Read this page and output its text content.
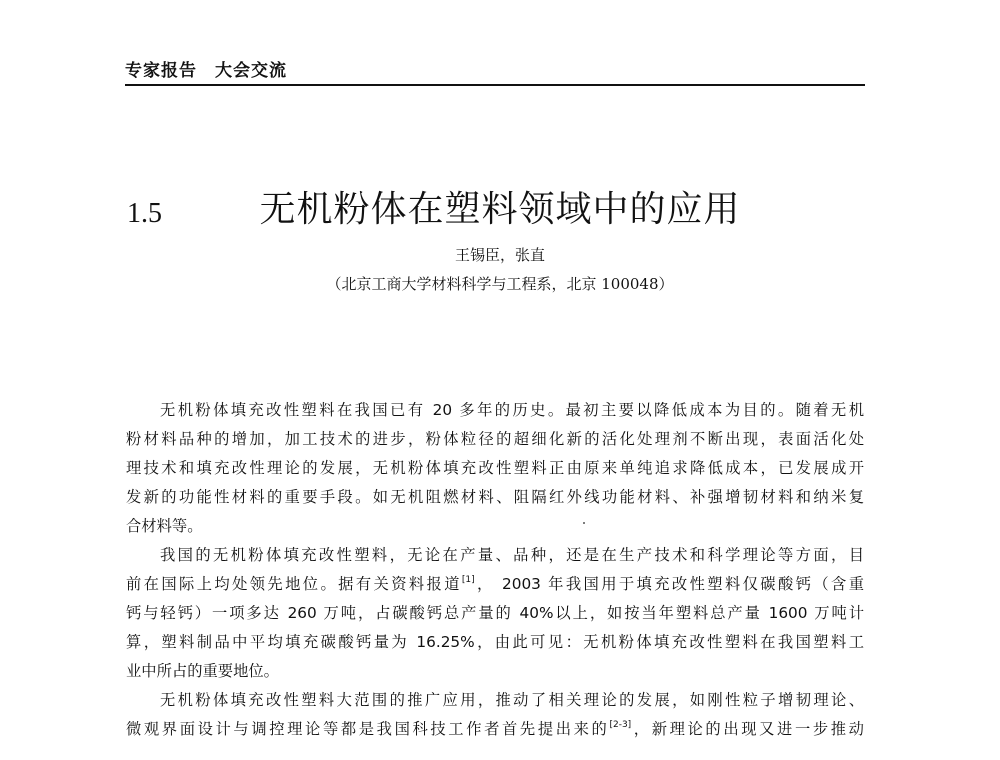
专家报告　大会交流
1.5	无机粉体在塑料领域中的应用
王锡臣，张直
（北京工商大学材料科学与工程系，北京 100048）
无机粉体填充改性塑料在我国已有 20 多年的历史。最初主要以降低成本为目的。随着无机
粉材料品种的增加，加工技术的进步，粉体粒径的超细化新的活化处理剂不断出现，表面活化处
理技术和填充改性理论的发展，无机粉体填充改性塑料正由原来单纯追求降低成本，已发展成开
发新的功能性材料的重要手段。如无机阻燃材料、阻隔红外线功能材料、补强增韧材料和纳米复
合材料等。
我国的无机粉体填充改性塑料，无论在产量、品种，还是在生产技术和科学理论等方面，目
前在国际上均处领先地位。据有关资料报道[1]， 2003 年我国用于填充改性塑料仅碳酸钙（含重
钙与轻钙）一项多达 260 万吨，占碳酸钙总产量的 40%以上，如按当年塑料总产量 1600 万吨计
算，塑料制品中平均填充碳酸钙量为 16.25%，由此可见：无机粉体填充改性塑料在我国塑料工
业中所占的重要地位。
无机粉体填充改性塑料大范围的推广应用，推动了相关理论的发展，如刚性粒子增韧理论、
微观界面设计与调控理论等都是我国科技工作者首先提出来的[2-3]，新理论的出现又进一步推动
